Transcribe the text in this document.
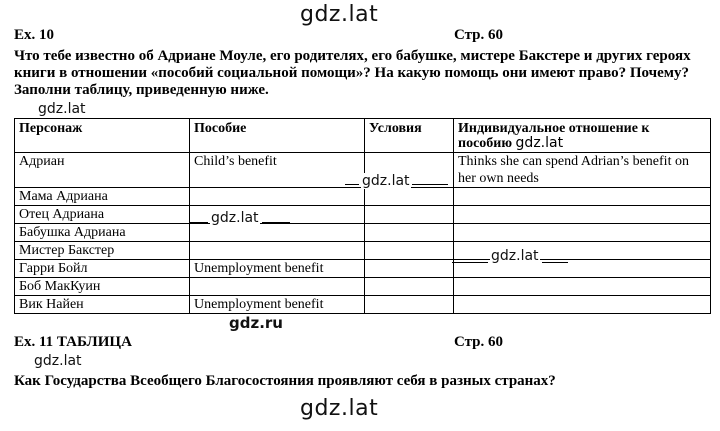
gdz.lat
Ex. 10	Стр. 60
Что тебе известно об Адриане Моуле, его родителях, его бабушке, мистере Бакстере и других героях книги в отношении «пособий социальной помощи»? На какую помощь они имеют право? Почему? Заполни таблицу, приведенную ниже.
gdz.lat
Персонаж	Пособие	Условия	Индивидуальное отношение к пособию gdz.lat
Адриан	Child’s benefit		Thinks she can spend Adrian’s benefit on her own needs
Мама Адриана			
Отец Адриана			
Бабушка Адриана			
Мистер Бакстер			
Гарри Бойл	Unemployment benefit		
Боб МакКуин			
Вик Найен	Unemployment benefit		
gdz.lat
gdz.lat
gdz.lat
gdz.ru
Ex. 11 ТАБЛИЦА	Стр. 60
gdz.lat
Как Государства Всеобщего Благосостояния проявляют себя в разных странах?
gdz.lat
